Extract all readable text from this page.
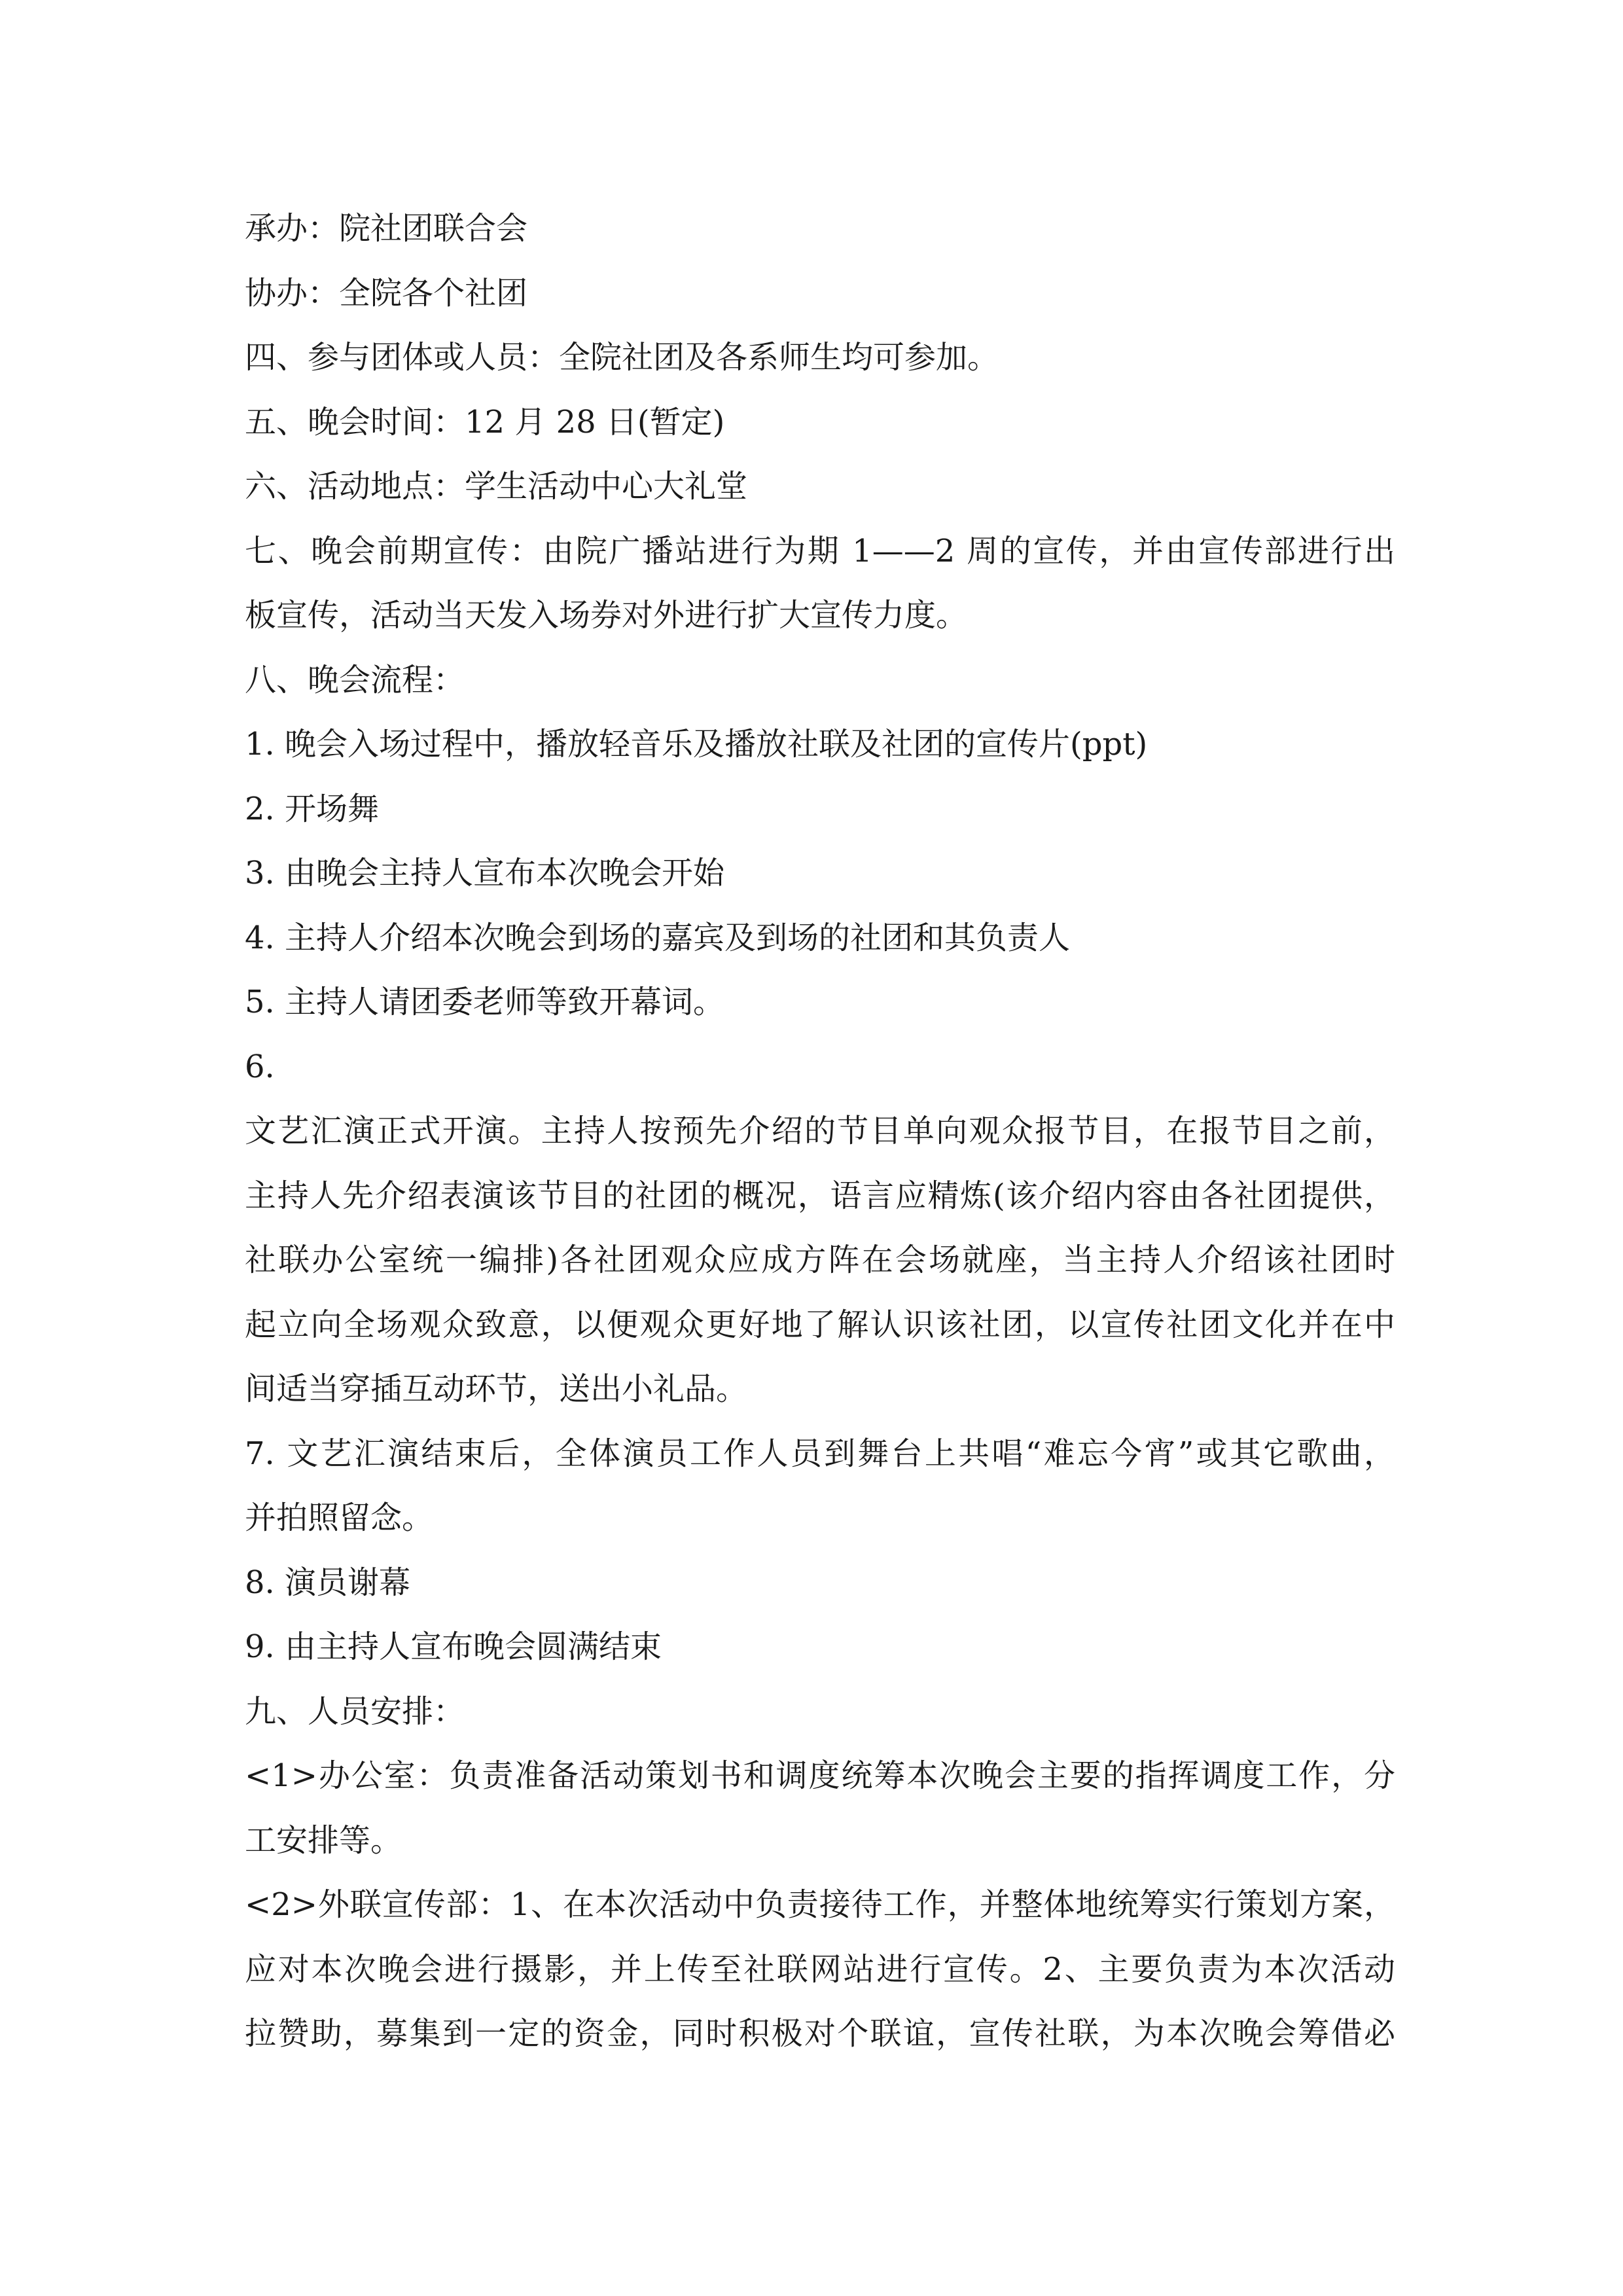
承办：院社团联合会
协办：全院各个社团
四、参与团体或人员：全院社团及各系师生均可参加。
五、晚会时间：12 月 28 日(暂定)
六、活动地点：学生活动中心大礼堂
七、晚会前期宣传：由院广播站进行为期 1——2 周的宣传，并由宣传部进行出
板宣传，活动当天发入场券对外进行扩大宣传力度。
八、晚会流程：
1. 晚会入场过程中，播放轻音乐及播放社联及社团的宣传片(ppt)
2. 开场舞
3. 由晚会主持人宣布本次晚会开始
4. 主持人介绍本次晚会到场的嘉宾及到场的社团和其负责人
5. 主持人请团委老师等致开幕词。
6.
文艺汇演正式开演。主持人按预先介绍的节目单向观众报节目，在报节目之前，
主持人先介绍表演该节目的社团的概况，语言应精炼(该介绍内容由各社团提供，
社联办公室统一编排)各社团观众应成方阵在会场就座，当主持人介绍该社团时
起立向全场观众致意，以便观众更好地了解认识该社团，以宣传社团文化并在中
间适当穿插互动环节，送出小礼品。
7. 文艺汇演结束后，全体演员工作人员到舞台上共唱“难忘今宵”或其它歌曲，
并拍照留念。
8. 演员谢幕
9. 由主持人宣布晚会圆满结束
九、人员安排：
<1>办公室：负责准备活动策划书和调度统筹本次晚会主要的指挥调度工作，分
工安排等。
<2>外联宣传部：1、在本次活动中负责接待工作，并整体地统筹实行策划方案，
应对本次晚会进行摄影，并上传至社联网站进行宣传。2、主要负责为本次活动
拉赞助，募集到一定的资金，同时积极对个联谊，宣传社联，为本次晚会筹借必
